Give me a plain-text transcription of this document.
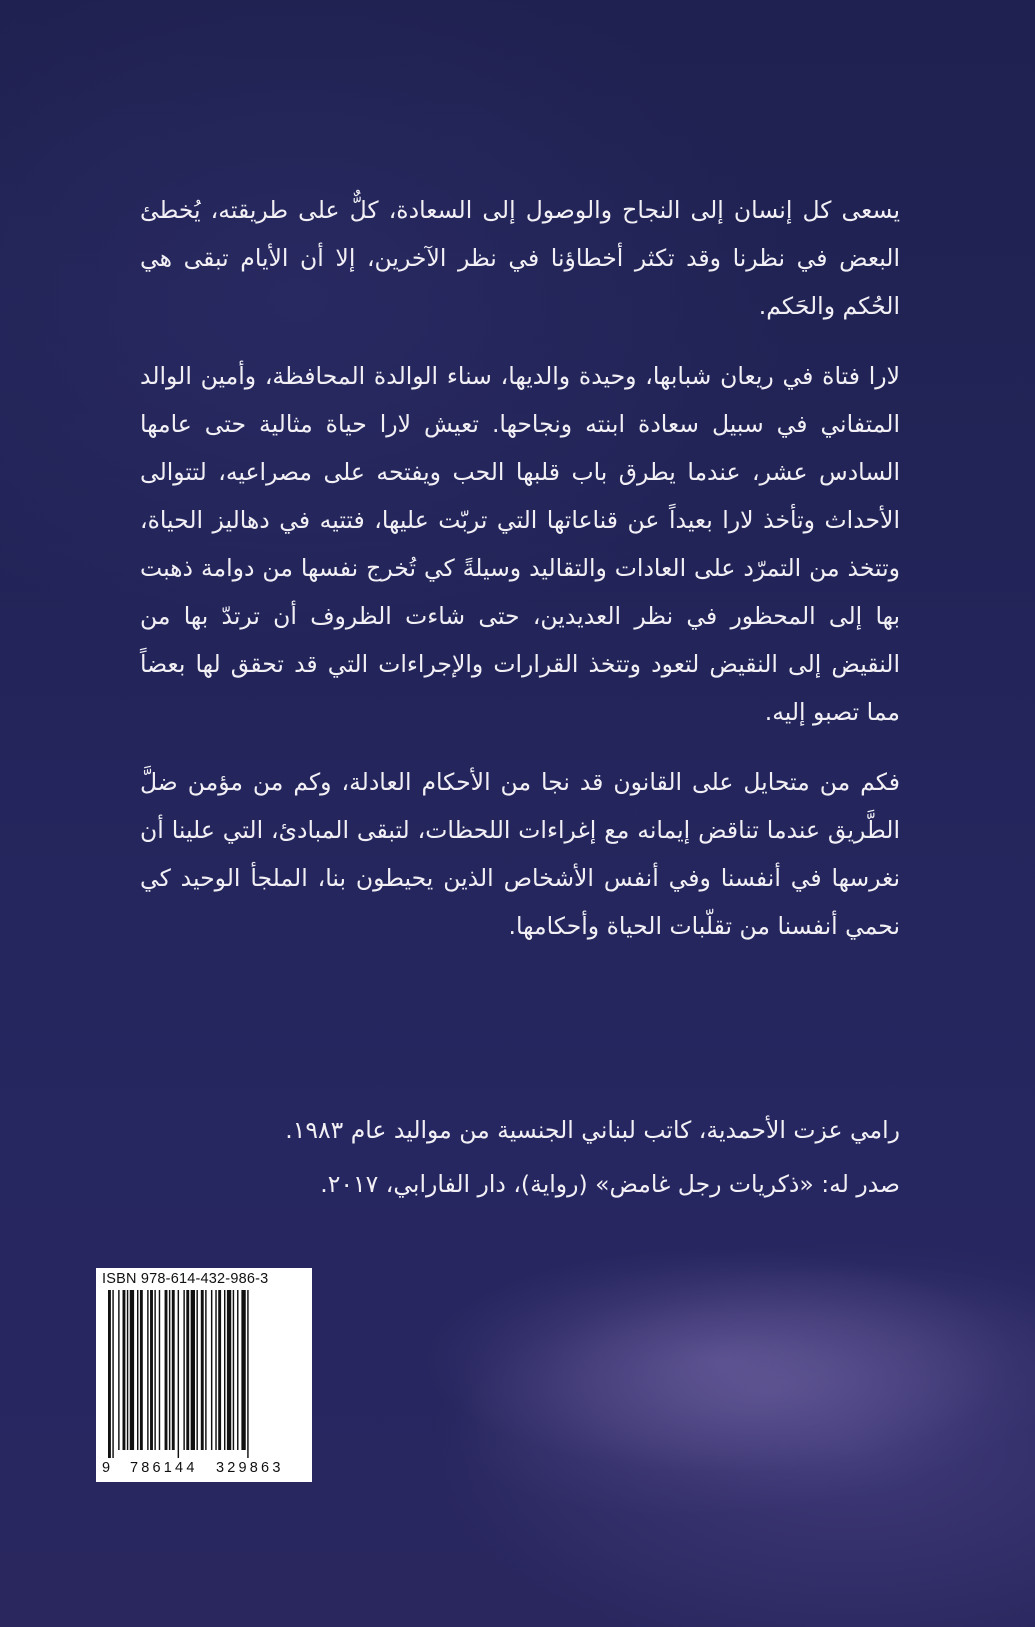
يسعى كل إنسان إلى النجاح والوصول إلى السعادة، كلٌّ على طريقته، يُخطئ البعض في نظرنا وقد تكثر أخطاؤنا في نظر الآخرين، إلا أن الأيام تبقى هي الحُكم والحَكم.

لارا فتاة في ريعان شبابها، وحيدة والديها، سناء الوالدة المحافظة، وأمين الوالد المتفاني في سبيل سعادة ابنته ونجاحها. تعيش لارا حياة مثالية حتى عامها السادس عشر، عندما يطرق باب قلبها الحب ويفتحه على مصراعيه، لتتوالى الأحداث وتأخذ لارا بعيداً عن قناعاتها التي تربّت عليها، فتتيه في دهاليز الحياة، وتتخذ من التمرّد على العادات والتقاليد وسيلةً كي تُخرج نفسها من دوامة ذهبت بها إلى المحظور في نظر العديدين، حتى شاءت الظروف أن ترتدّ بها من النقيض إلى النقيض لتعود وتتخذ القرارات والإجراءات التي قد تحقق لها بعضاً مما تصبو إليه.

فكم من متحايل على القانون قد نجا من الأحكام العادلة، وكم من مؤمن ضلَّ الطَّريق عندما تناقض إيمانه مع إغراءات اللحظات، لتبقى المبادئ، التي علينا أن نغرسها في أنفسنا وفي أنفس الأشخاص الذين يحيطون بنا، الملجأ الوحيد كي نحمي أنفسنا من تقلّبات الحياة وأحكامها.

رامي عزت الأحمدية، كاتب لبناني الجنسية من مواليد عام ١٩٨٣.

صدر له: «ذكريات رجل غامض» (رواية)، دار الفارابي، ٢٠١٧.

ISBN 978-614-432-986-3
9 786144 329863
